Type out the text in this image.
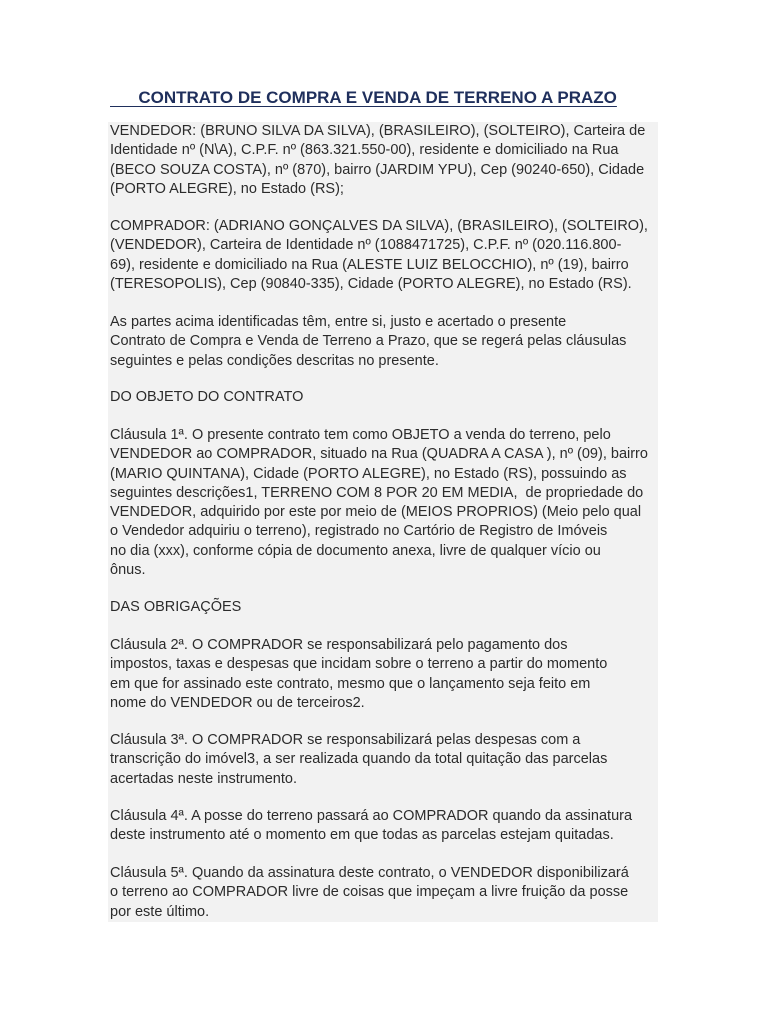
CONTRATO DE COMPRA E VENDA DE TERRENO A PRAZO
VENDEDOR: (BRUNO SILVA DA SILVA), (BRASILEIRO), (SOLTEIRO), Carteira de
Identidade nº (N\A), C.P.F. nº (863.321.550-00), residente e domiciliado na Rua
(BECO SOUZA COSTA), nº (870), bairro (JARDIM YPU), Cep (90240-650), Cidade
(PORTO ALEGRE), no Estado (RS);
COMPRADOR: (ADRIANO GONÇALVES DA SILVA), (BRASILEIRO), (SOLTEIRO),
(VENDEDOR), Carteira de Identidade nº (1088471725), C.P.F. nº (020.116.800-
69), residente e domiciliado na Rua (ALESTE LUIZ BELOCCHIO), nº (19), bairro
(TERESOPOLIS), Cep (90840-335), Cidade (PORTO ALEGRE), no Estado (RS).
As partes acima identificadas têm, entre si, justo e acertado o presente
Contrato de Compra e Venda de Terreno a Prazo, que se regerá pelas cláusulas
seguintes e pelas condições descritas no presente.
DO OBJETO DO CONTRATO
Cláusula 1ª. O presente contrato tem como OBJETO a venda do terreno, pelo
VENDEDOR ao COMPRADOR, situado na Rua (QUADRA A CASA ), nº (09), bairro
(MARIO QUINTANA), Cidade (PORTO ALEGRE), no Estado (RS), possuindo as
seguintes descrições1, TERRENO COM 8 POR 20 EM MEDIA,  de propriedade do
VENDEDOR, adquirido por este por meio de (MEIOS PROPRIOS) (Meio pelo qual
o Vendedor adquiriu o terreno), registrado no Cartório de Registro de Imóveis
no dia (xxx), conforme cópia de documento anexa, livre de qualquer vício ou
ônus.
DAS OBRIGAÇÕES
Cláusula 2ª. O COMPRADOR se responsabilizará pelo pagamento dos
impostos, taxas e despesas que incidam sobre o terreno a partir do momento
em que for assinado este contrato, mesmo que o lançamento seja feito em
nome do VENDEDOR ou de terceiros2.
Cláusula 3ª. O COMPRADOR se responsabilizará pelas despesas com a
transcrição do imóvel3, a ser realizada quando da total quitação das parcelas
acertadas neste instrumento.
Cláusula 4ª. A posse do terreno passará ao COMPRADOR quando da assinatura
deste instrumento até o momento em que todas as parcelas estejam quitadas.
Cláusula 5ª. Quando da assinatura deste contrato, o VENDEDOR disponibilizará
o terreno ao COMPRADOR livre de coisas que impeçam a livre fruição da posse
por este último.
